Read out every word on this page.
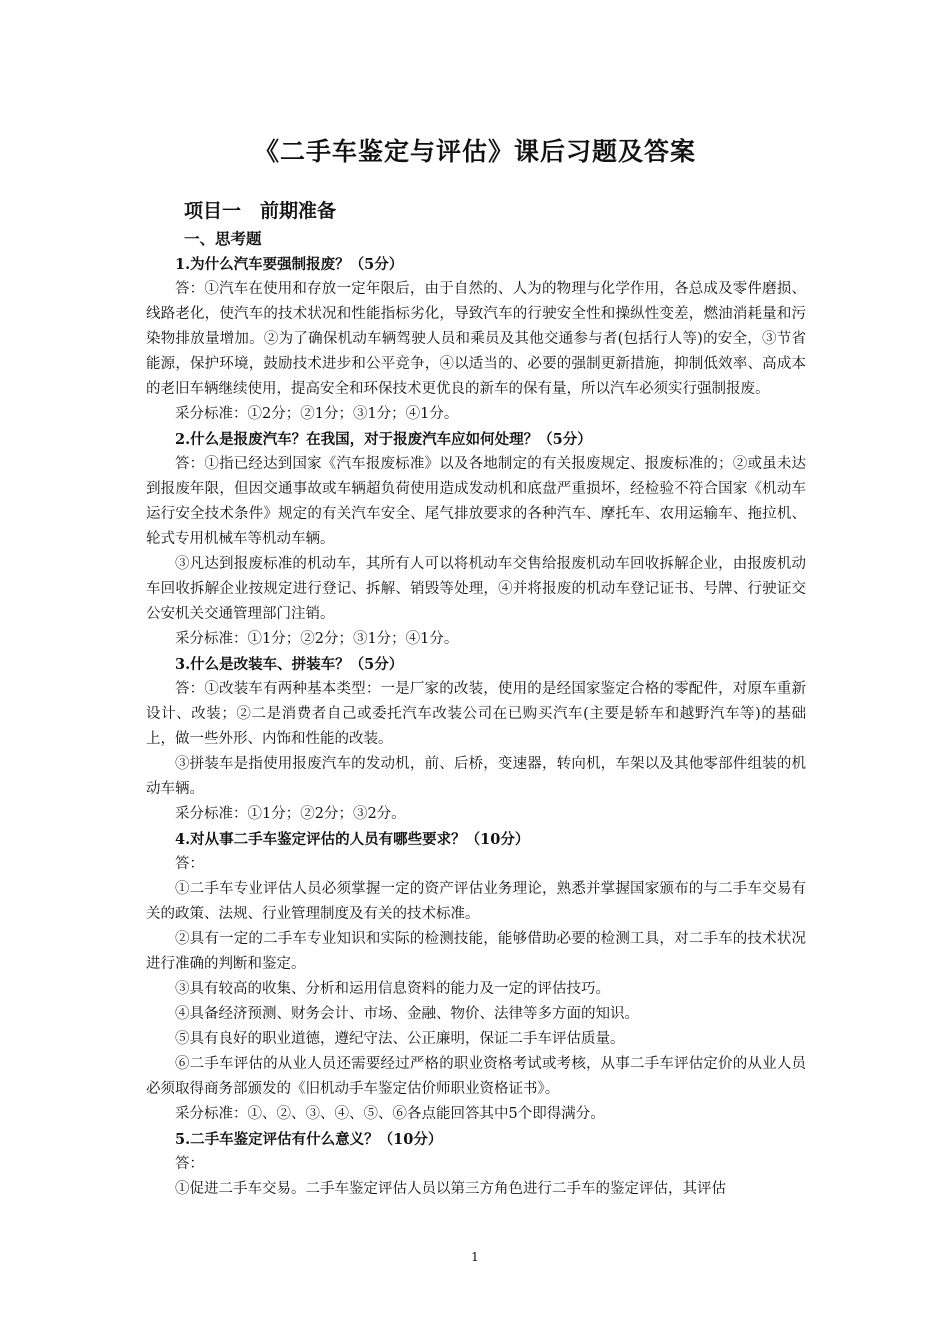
《二手车鉴定与评估》课后习题及答案
项目一　前期准备
一、思考题
1.为什么汽车要强制报废？（5分）
答：①汽车在使用和存放一定年限后，由于自然的、人为的物理与化学作用，各总成及零件磨损、线路老化，使汽车的技术状况和性能指标劣化，导致汽车的行驶安全性和操纵性变差，燃油消耗量和污染物排放量增加。②为了确保机动车辆驾驶人员和乘员及其他交通参与者(包括行人等)的安全，③节省能源，保护环境，鼓励技术进步和公平竞争，④以适当的、必要的强制更新措施，抑制低效率、高成本的老旧车辆继续使用，提高安全和环保技术更优良的新车的保有量，所以汽车必须实行强制报废。
采分标准：①2分；②1分；③1分；④1分。
2.什么是报废汽车？在我国，对于报废汽车应如何处理？（5分）
答：①指已经达到国家《汽车报废标准》以及各地制定的有关报废规定、报废标准的；②或虽未达到报废年限，但因交通事故或车辆超负荷使用造成发动机和底盘严重损坏，经检验不符合国家《机动车运行安全技术条件》规定的有关汽车安全、尾气排放要求的各种汽车、摩托车、农用运输车、拖拉机、轮式专用机械车等机动车辆。
③凡达到报废标准的机动车，其所有人可以将机动车交售给报废机动车回收拆解企业，由报废机动车回收拆解企业按规定进行登记、拆解、销毁等处理，④并将报废的机动车登记证书、号牌、行驶证交公安机关交通管理部门注销。
采分标准：①1分；②2分；③1分；④1分。
3.什么是改装车、拼装车？（5分）
答：①改装车有两种基本类型：一是厂家的改装，使用的是经国家鉴定合格的零配件，对原车重新设计、改装；②二是消费者自己或委托汽车改装公司在已购买汽车(主要是轿车和越野汽车等)的基础上，做一些外形、内饰和性能的改装。
③拼装车是指使用报废汽车的发动机，前、后桥，变速器，转向机，车架以及其他零部件组装的机动车辆。
采分标准：①1分；②2分；③2分。
4.对从事二手车鉴定评估的人员有哪些要求？（10分）
答：
①二手车专业评估人员必须掌握一定的资产评估业务理论，熟悉并掌握国家颁布的与二手车交易有关的政策、法规、行业管理制度及有关的技术标准。
②具有一定的二手车专业知识和实际的检测技能，能够借助必要的检测工具，对二手车的技术状况进行准确的判断和鉴定。
③具有较高的收集、分析和运用信息资料的能力及一定的评估技巧。
④具备经济预测、财务会计、市场、金融、物价、法律等多方面的知识。
⑤具有良好的职业道德，遵纪守法、公正廉明，保证二手车评估质量。
⑥二手车评估的从业人员还需要经过严格的职业资格考试或考核，从事二手车评估定价的从业人员必须取得商务部颁发的《旧机动手车鉴定估价师职业资格证书》。
采分标准：①、②、③、④、⑤、⑥各点能回答其中5个即得满分。
5.二手车鉴定评估有什么意义？（10分）
答：
①促进二手车交易。二手车鉴定评估人员以第三方角色进行二手车的鉴定评估，其评估
1
